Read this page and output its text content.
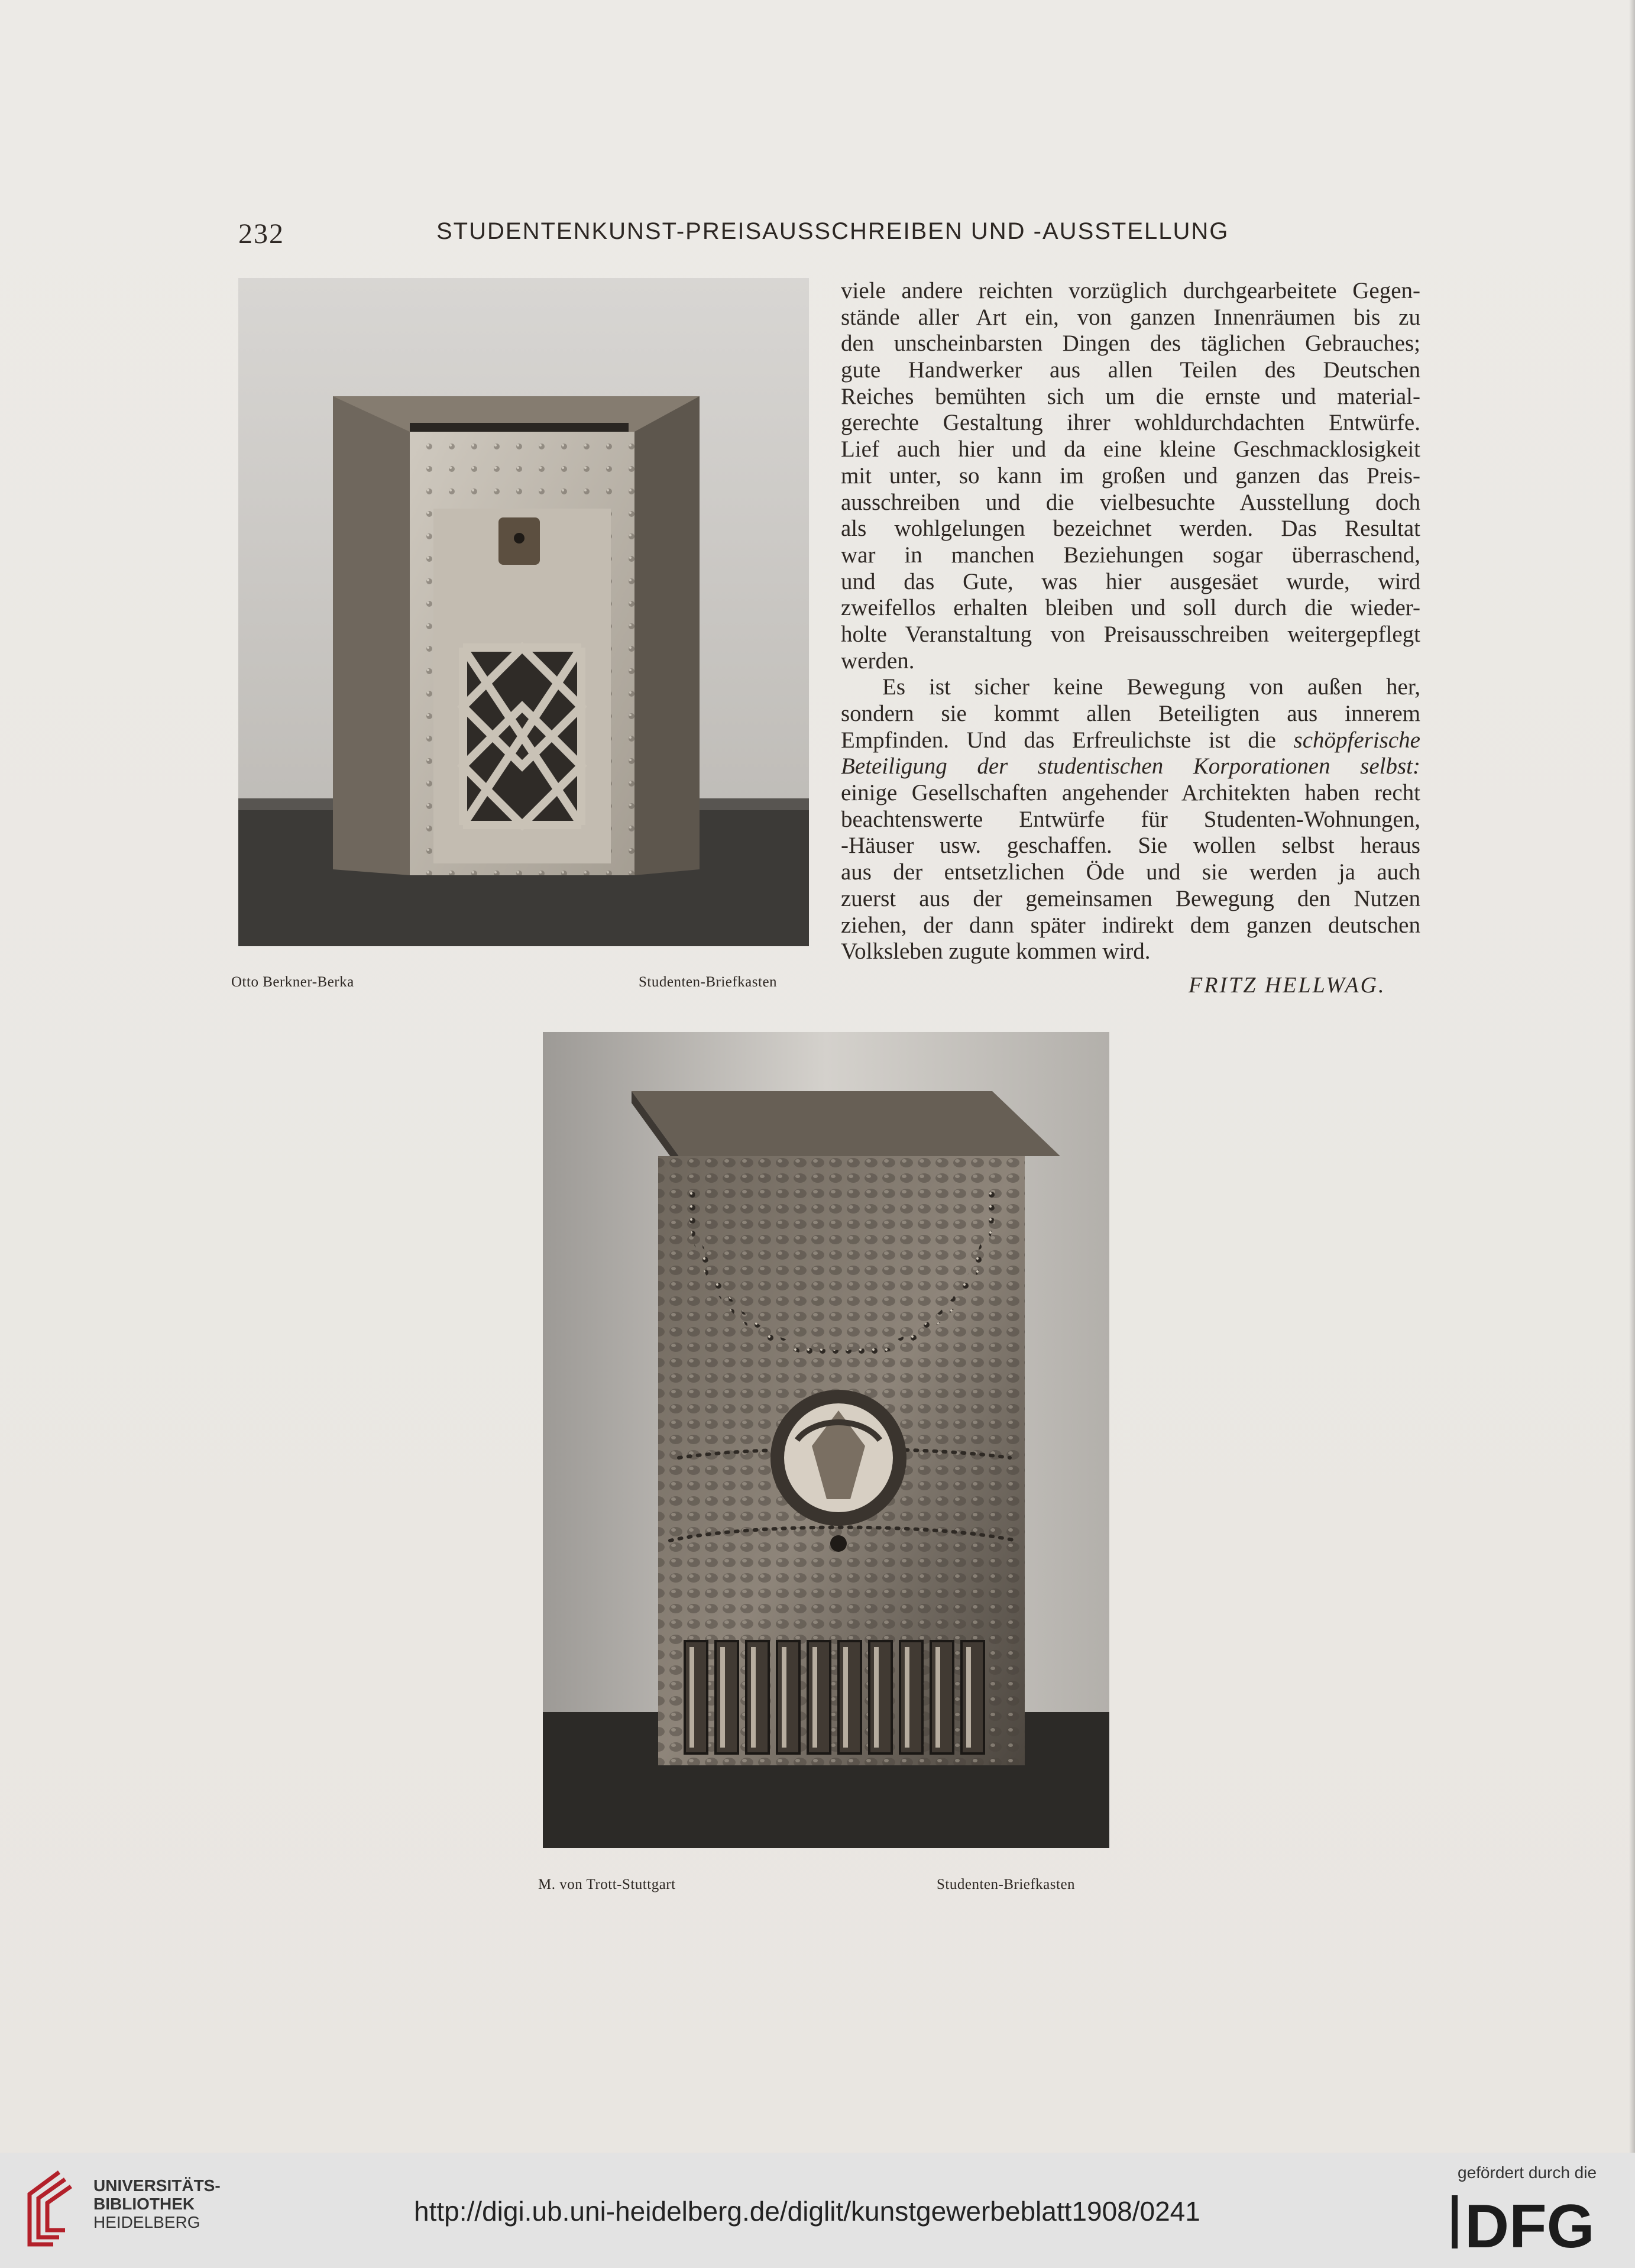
232	STUDENTENKUNST-PREISAUSSCHREIBEN UND -AUSSTELLUNG
Otto Berkner-Berka	Studenten-Briefkasten

viele andere reichten vorzüglich durchgearbeitete Gegen-

stände aller Art ein, von ganzen Innenräumen bis zu

den unscheinbarsten Dingen des täglichen Gebrauches;

gute Handwerker aus allen Teilen des Deutschen

Reiches bemühten sich um die ernste und material-

gerechte Gestaltung ihrer wohldurchdachten Entwürfe.

Lief auch hier und da eine kleine Geschmacklosigkeit

mit unter, so kann im großen und ganzen das Preis-

ausschreiben und die vielbesuchte Ausstellung doch

als wohlgelungen bezeichnet werden. Das Resultat

war in manchen Beziehungen sogar überraschend,

und das Gute, was hier ausgesäet wurde, wird

zweifellos erhalten bleiben und soll durch die wieder-

holte Veranstaltung von Preisausschreiben weitergepflegt

werden.

Es ist sicher keine Bewegung von außen her,

sondern sie kommt allen Beteiligten aus innerem

Empfinden. Und das Erfreulichste ist die schöpferische

Beteiligung der studentischen Korporationen selbst:

einige Gesellschaften angehender Architekten haben recht

beachtenswerte Entwürfe für Studenten-Wohnungen,

-Häuser usw. geschaffen. Sie wollen selbst heraus

aus der entsetzlichen Öde und sie werden ja auch

zuerst aus der gemeinsamen Bewegung den Nutzen

ziehen, der dann später indirekt dem ganzen deutschen

Volksleben zugute kommen wird.

FRITZ HELLWAG.
M. von Trott-Stuttgart	Studenten-Briefkasten
UNIVERSITÄTS-
BIBLIOTHEK
HEIDELBERG	http://digi.ub.uni-heidelberg.de/diglit/kunstgewerbeblatt1908/0241
gefördert durch die
DFG
